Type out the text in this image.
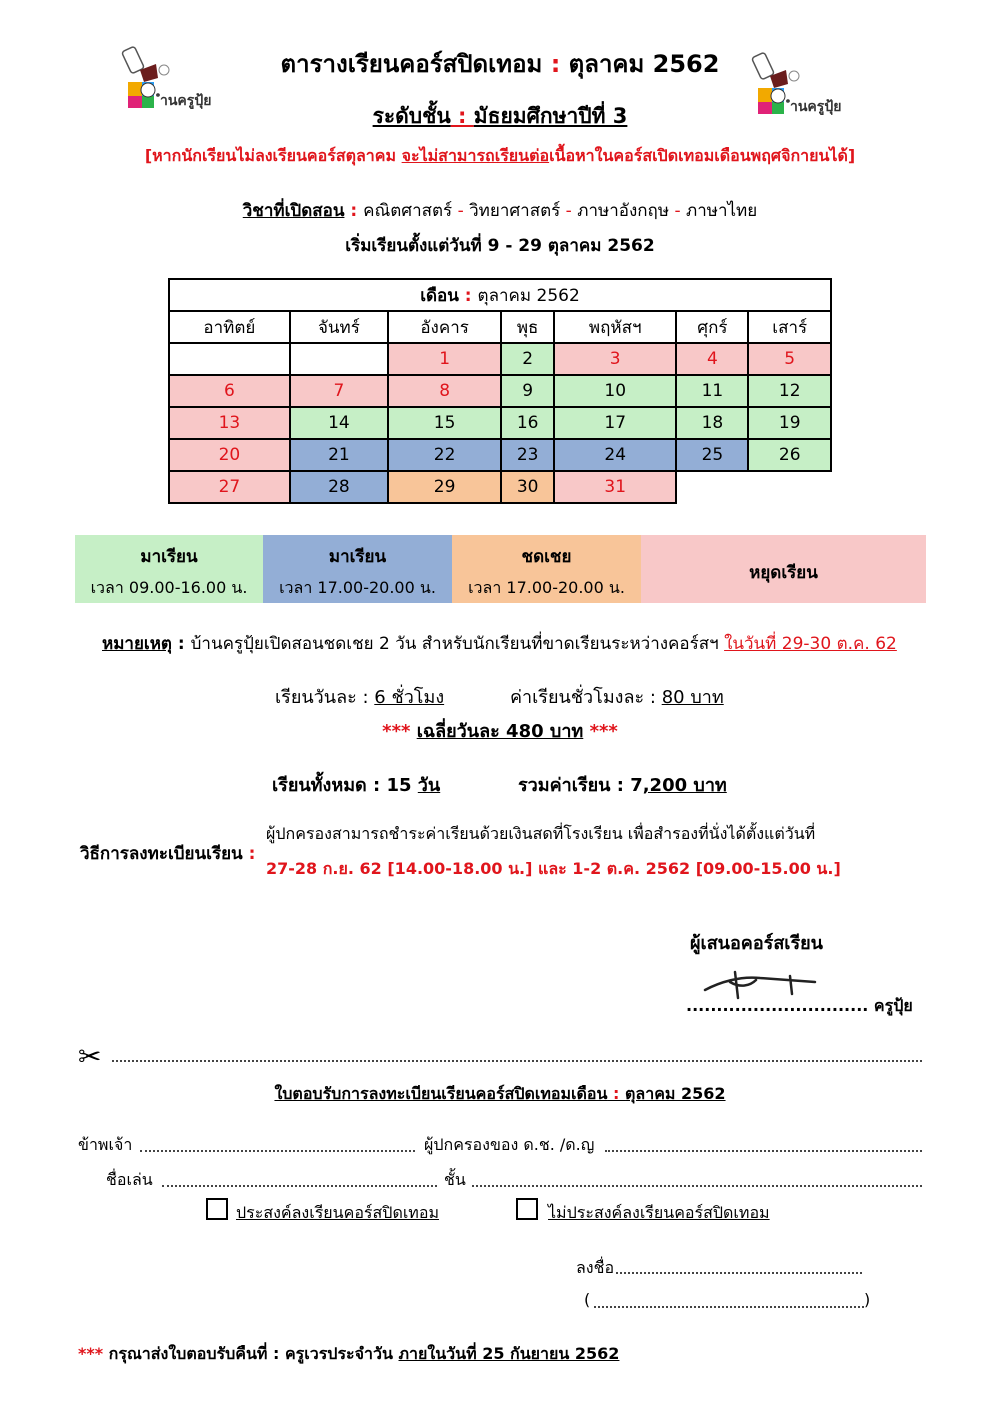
ำนครูปุ้ย	ำนครูปุ้ย
ตารางเรียนคอร์สปิดเทอม : ตุลาคม 2562
ระดับชั้น : มัธยมศึกษาปีที่ 3
[หากนักเรียนไม่ลงเรียนคอร์สตุลาคม จะไม่สามารถเรียนต่อเนื้อหาในคอร์สเปิดเทอมเดือนพฤศจิกายนได้]
วิชาที่เปิดสอน : คณิตศาสตร์ - วิทยาศาสตร์ - ภาษาอังกฤษ - ภาษาไทย
เริ่มเรียนตั้งแต่วันที่ 9 - 29 ตุลาคม 2562
เดือน : ตุลาคม 2562						
อาทิตย์	จันทร์	อังคาร	พุธ	พฤหัสฯ	ศุกร์	เสาร์
		1	2	3	4	5
6	7	8	9	10	11	12
13	14	15	16	17	18	19
20	21	22	23	24	25	26
27	28	29	30	31		
มาเรียน
เวลา 09.00-16.00 น.
มาเรียน
เวลา 17.00-20.00 น.
ชดเชย
เวลา 17.00-20.00 น.
หยุดเรียน
หมายเหตุ : บ้านครูปุ้ยเปิดสอนชดเชย 2 วัน สำหรับนักเรียนที่ขาดเรียนระหว่างคอร์สฯ ในวันที่ 29-30 ต.ค. 62
เรียนวันละ : 6 ชั่วโมง	ค่าเรียนชั่วโมงละ : 80 บาท
*** เฉลี่ยวันละ 480 บาท ***
เรียนทั้งหมด : 15 วัน	รวมค่าเรียน : 7,200 บาท
วิธีการลงทะเบียนเรียน :
ผู้ปกครองสามารถชำระค่าเรียนด้วยเงินสดที่โรงเรียน เพื่อสำรองที่นั่งได้ตั้งแต่วันที่
27-28 ก.ย. 62 [14.00-18.00 น.] และ 1-2 ต.ค. 2562 [09.00-15.00 น.]
ผู้เสนอคอร์สเรียน
.............................. ครูปุ้ย
✂
ใบตอบรับการลงทะเบียนเรียนคอร์สปิดเทอมเดือน : ตุลาคม 2562
ข้าพเจ้า	ผู้ปกครองของ ด.ช. /ด.ญ
ชื่อเล่น	ชั้น
ประสงค์ลงเรียนคอร์สปิดเทอม	ไม่ประสงค์ลงเรียนคอร์สปิดเทอม
ลงชื่อ
(	)
*** กรุณาส่งใบตอบรับคืนที่ : ครูเวรประจำวัน ภายในวันที่ 25 กันยายน 2562
